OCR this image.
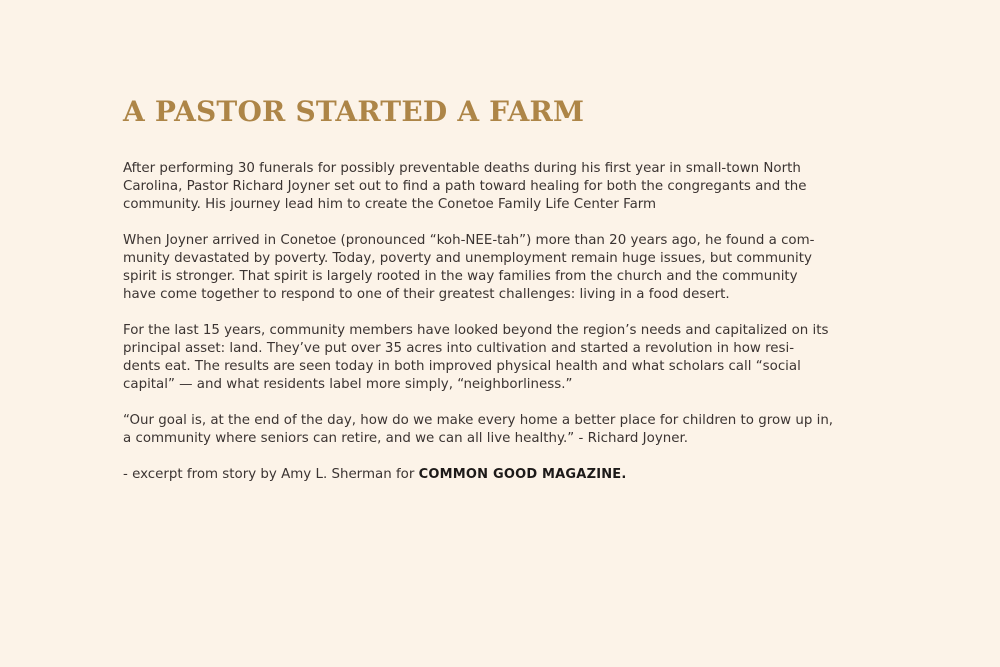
A PASTOR STARTED A FARM

After performing 30 funerals for possibly preventable deaths during his first year in small-town North
Carolina, Pastor Richard Joyner set out to find a path toward healing for both the congregants and the
community. His journey lead him to create the Conetoe Family Life Center Farm

When Joyner arrived in Conetoe (pronounced “koh-NEE-tah”) more than 20 years ago, he found a com-
munity devastated by poverty. Today, poverty and unemployment remain huge issues, but community
spirit is stronger. That spirit is largely rooted in the way families from the church and the community
have come together to respond to one of their greatest challenges: living in a food desert.

For the last 15 years, community members have looked beyond the region’s needs and capitalized on its
principal asset: land. They’ve put over 35 acres into cultivation and started a revolution in how resi-
dents eat. The results are seen today in both improved physical health and what scholars call “social
capital” — and what residents label more simply, “neighborliness.”

“Our goal is, at the end of the day, how do we make every home a better place for children to grow up in,
a community where seniors can retire, and we can all live healthy.” - Richard Joyner.

- excerpt from story by Amy L. Sherman for COMMON GOOD MAGAZINE.
